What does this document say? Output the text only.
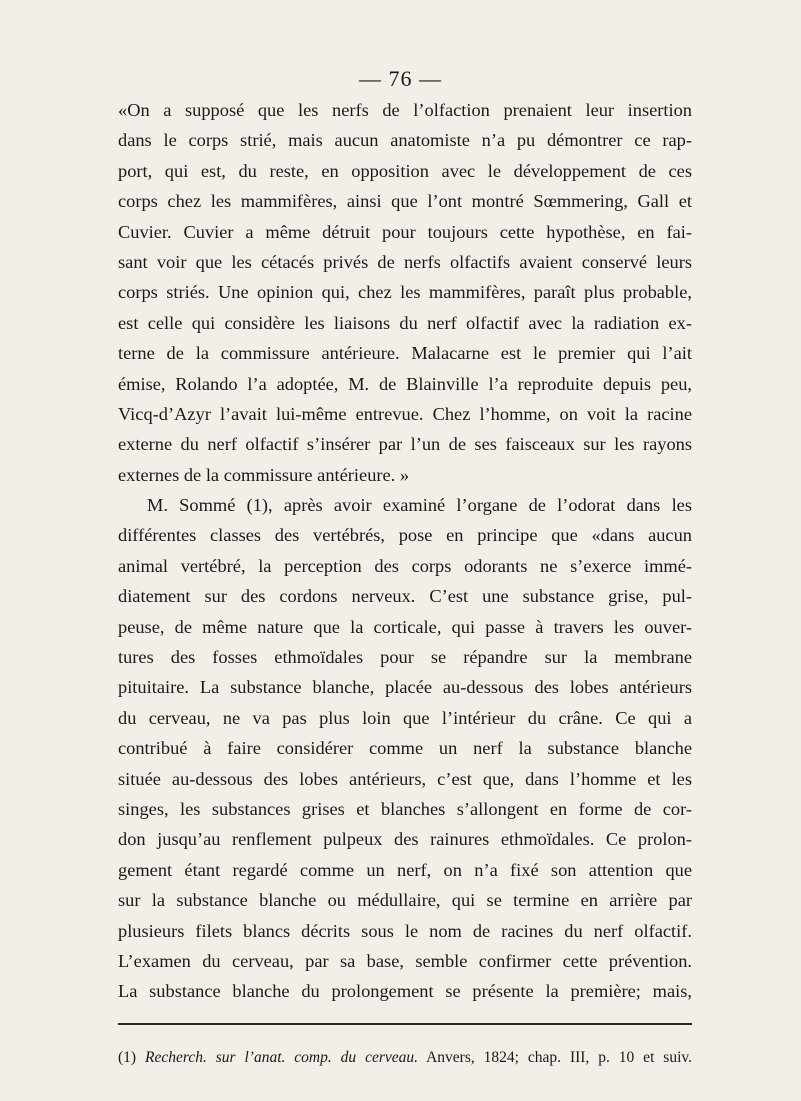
— 76 —
«On a supposé que les nerfs de l’olfaction prenaient leur insertion
dans le corps strié, mais aucun anatomiste n’a pu démontrer ce rap-
port, qui est, du reste, en opposition avec le développement de ces
corps chez les mammifères, ainsi que l’ont montré Sœmmering, Gall et
Cuvier. Cuvier a même détruit pour toujours cette hypothèse, en fai-
sant voir que les cétacés privés de nerfs olfactifs avaient conservé leurs
corps striés. Une opinion qui, chez les mammifères, paraît plus probable,
est celle qui considère les liaisons du nerf olfactif avec la radiation ex-
terne de la commissure antérieure. Malacarne est le premier qui l’ait
émise, Rolando l’a adoptée, M. de Blainville l’a reproduite depuis peu,
Vicq-d’Azyr l’avait lui-même entrevue. Chez l’homme, on voit la racine
externe du nerf olfactif s’insérer par l’un de ses faisceaux sur les rayons
externes de la commissure antérieure. »
M. Sommé (1), après avoir examiné l’organe de l’odorat dans les
différentes classes des vertébrés, pose en principe que «dans aucun
animal vertébré, la perception des corps odorants ne s’exerce immé-
diatement sur des cordons nerveux. C’est une substance grise, pul-
peuse, de même nature que la corticale, qui passe à travers les ouver-
tures des fosses ethmoïdales pour se répandre sur la membrane
pituitaire. La substance blanche, placée au-dessous des lobes antérieurs
du cerveau, ne va pas plus loin que l’intérieur du crâne. Ce qui a
contribué à faire considérer comme un nerf la substance blanche
située au-dessous des lobes antérieurs, c’est que, dans l’homme et les
singes, les substances grises et blanches s’allongent en forme de cor-
don jusqu’au renflement pulpeux des rainures ethmoïdales. Ce prolon-
gement étant regardé comme un nerf, on n’a fixé son attention que
sur la substance blanche ou médullaire, qui se termine en arrière par
plusieurs filets blancs décrits sous le nom de racines du nerf olfactif.
L’examen du cerveau, par sa base, semble confirmer cette prévention.
La substance blanche du prolongement se présente la première; mais,
(1) Recherch. sur l’anat. comp. du cerveau. Anvers, 1824; chap. III, p. 10 et suiv.
